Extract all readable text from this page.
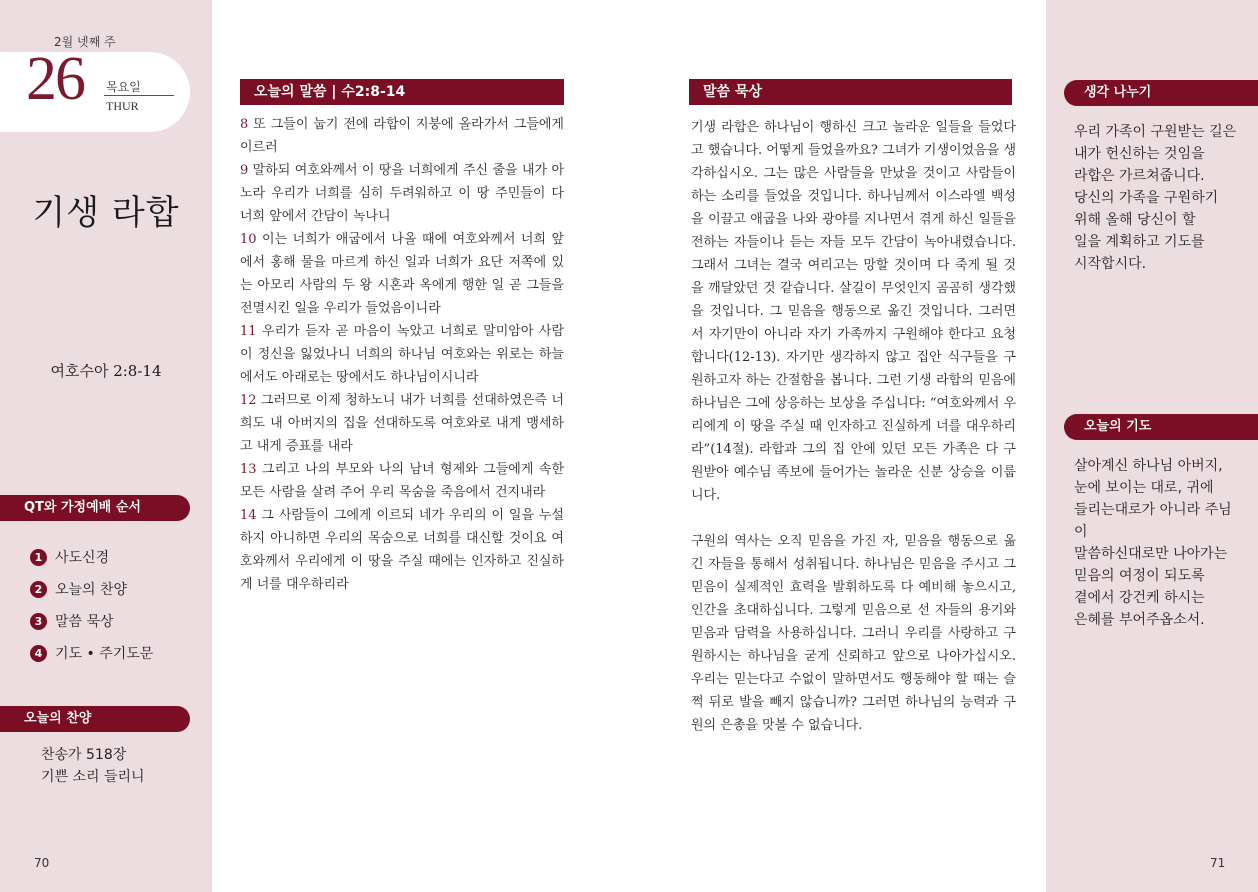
2월 넷째 주
26 목요일
THUR
기생 라합
여호수아 2:8-14
QT와 가정예배 순서
1 사도신경
2 오늘의 찬양
3 말씀 묵상
4 기도 • 주기도문
오늘의 찬양
찬송가 518장
기쁜 소리 들리니
70
오늘의 말씀 | 수2:8-14

8 또 그들이 눕기 전에 라합이 지붕에 올라가서 그들에게 이르러

9 말하되 여호와께서 이 땅을 너희에게 주신 줄을 내가 아노라 우리가 너희를 심히 두려워하고 이 땅 주민들이 다 너희 앞에서 간담이 녹나니

10 이는 너희가 애굽에서 나올 때에 여호와께서 너희 앞에서 홍해 물을 마르게 하신 일과 너희가 요단 저쪽에 있는 아모리 사람의 두 왕 시혼과 옥에게 행한 일 곧 그들을 전멸시킨 일을 우리가 들었음이니라

11 우리가 듣자 곧 마음이 녹았고 너희로 말미암아 사람이 정신을 잃었나니 너희의 하나님 여호와는 위로는 하늘에서도 아래로는 땅에서도 하나님이시니라

12 그러므로 이제 청하노니 내가 너희를 선대하였은즉 너희도 내 아버지의 집을 선대하도록 여호와로 내게 맹세하고 내게 증표를 내라

13 그리고 나의 부모와 나의 남녀 형제와 그들에게 속한 모든 사람을 살려 주어 우리 목숨을 죽음에서 건지내라

14 그 사람들이 그에게 이르되 네가 우리의 이 일을 누설하지 아니하면 우리의 목숨으로 너희를 대신할 것이요 여호와께서 우리에게 이 땅을 주실 때에는 인자하고 진실하게 너를 대우하리라

말씀 묵상

기생 라합은 하나님이 행하신 크고 놀라운 일들을 들었다고 했습니다. 어떻게 들었을까요? 그녀가 기생이었음을 생각하십시오. 그는 많은 사람들을 만났을 것이고 사람들이 하는 소리를 들었을 것입니다. 하나님께서 이스라엘 백성을 이끌고 애굽을 나와 광야를 지나면서 겪게 하신 일들을 전하는 자들이나 듣는 자들 모두 간담이 녹아내렸습니다. 그래서 그녀는 결국 여리고는 망할 것이며 다 죽게 될 것을 깨달았던 것 같습니다. 살길이 무엇인지 곰곰히 생각했을 것입니다. 그 믿음을 행동으로 옮긴 것입니다. 그러면서 자기만이 아니라 자기 가족까지 구원해야 한다고 요청합니다(12-13). 자기만 생각하지 않고 집안 식구들을 구원하고자 하는 간절함을 봅니다. 그런 기생 라합의 믿음에 하나님은 그에 상응하는 보상을 주십니다: “여호와께서 우리에게 이 땅을 주실 때 인자하고 진실하게 너를 대우하리라”(14절). 라합과 그의 집 안에 있던 모든 가족은 다 구원받아 예수님 족보에 들어가는 놀라운 신분 상승을 이룹니다.

구원의 역사는 오직 믿음을 가진 자, 믿음을 행동으로 옮긴 자들을 통해서 성취됩니다. 하나님은 믿음을 주시고 그 믿음이 실제적인 효력을 발휘하도록 다 예비해 놓으시고, 인간을 초대하십니다. 그렇게 믿음으로 선 자들의 용기와 믿음과 담력을 사용하십니다. 그러니 우리를 사랑하고 구원하시는 하나님을 굳게 신뢰하고 앞으로 나아가십시오. 우리는 믿는다고 수없이 말하면서도 행동해야 할 때는 슬쩍 뒤로 발을 빼지 않습니까? 그러면 하나님의 능력과 구원의 은총을 맛볼 수 없습니다.

생각 나누기
우리 가족이 구원받는 길은
내가 헌신하는 것임을
라합은 가르쳐줍니다.
당신의 가족을 구원하기
위해 올해 당신이 할
일을 계획하고 기도를
시작합시다.
오늘의 기도
살아계신 하나님 아버지,
눈에 보이는 대로, 귀에
들리는대로가 아니라 주님이
말씀하신대로만 나아가는
믿음의 여정이 되도록
곁에서 강건케 하시는
은혜를 부어주옵소서.
71
